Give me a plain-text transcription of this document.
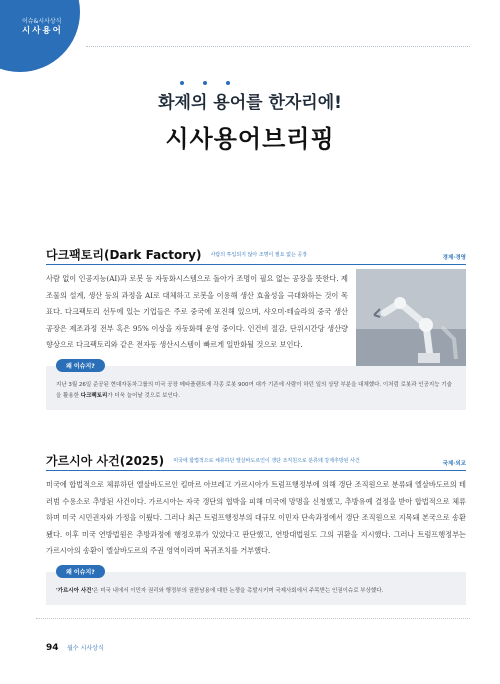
이슈&시사상식
시사용어
화제의 용어를 한자리에!
시사용어브리핑
다크팩토리(Dark Factory) 사람의 투입되지 않아 조명이 필요 없는 공장	경제·경영

사람 없이 인공지능(AI)과 로봇 등 자동화시스템으로 돌아가 조명이 필요 없는 공장을 뜻한다. 제조물의 설계, 생산 등의 과정을 AI로 대체하고 로봇을 이용해 생산 효율성을 극대화하는 것이 목표다. 다크팩토리 선두에 있는 기업들은 주로 중국에 포진해 있으며, 샤오미·테슬라의 중국 생산공장은 제조과정 전부 혹은 95% 이상을 자동화해 운영 중이다. 인건비 절감, 단위시간당 생산량 향상으로 다크팩토리와 같은 전자동 생산시스템이 빠르게 일반화될 것으로 보인다.

왜 이슈지?
지난 3월 26일 준공된 현대자동차그룹의 미국 공장 메타플랜트에 각종 로봇 900여 대가 기존에 사람이 하던 일의 상당 부분을 대체했다. 이처럼 로봇과 인공지능 기술을 활용한 다크팩토리가 더욱 늘어날 것으로 보인다.
가르시아 사건(2025) 미국에 합법적으로 체류하던 엘살바도르인이 갱단 조직원으로 분류돼 강제추방된 사건	국제·외교

미국에 합법적으로 체류하던 엘살바도르인 킬마르 아브레고 가르시아가 트럼프행정부에 의해 갱단 조직원으로 분류돼 엘살바도르의 테러범 수용소로 추방된 사건이다. 가르시아는 자국 갱단의 협박을 피해 미국에 망명을 신청했고, 추방유예 결정을 받아 합법적으로 체류하며 미국 시민권자와 가정을 이뤘다. 그러나 최근 트럼프행정부의 대규모 이민자 단속과정에서 갱단 조직원으로 지목돼 본국으로 송환됐다. 이후 미국 연방법원은 추방과정에 행정오류가 있었다고 판단했고, 연방대법원도 그의 귀환을 지시했다. 그러나 트럼프행정부는 가르시아의 송환이 엘살바도르의 주권 영역이라며 복귀조치를 거부했다.

왜 이슈지?
'가르시아 사건'은 미국 내에서 이민자 권리와 행정부의 권한남용에 대한 논쟁을 촉발시키며 국제사회에서 주목받는 인권이슈로 부상했다.
94 월수 시사상식
